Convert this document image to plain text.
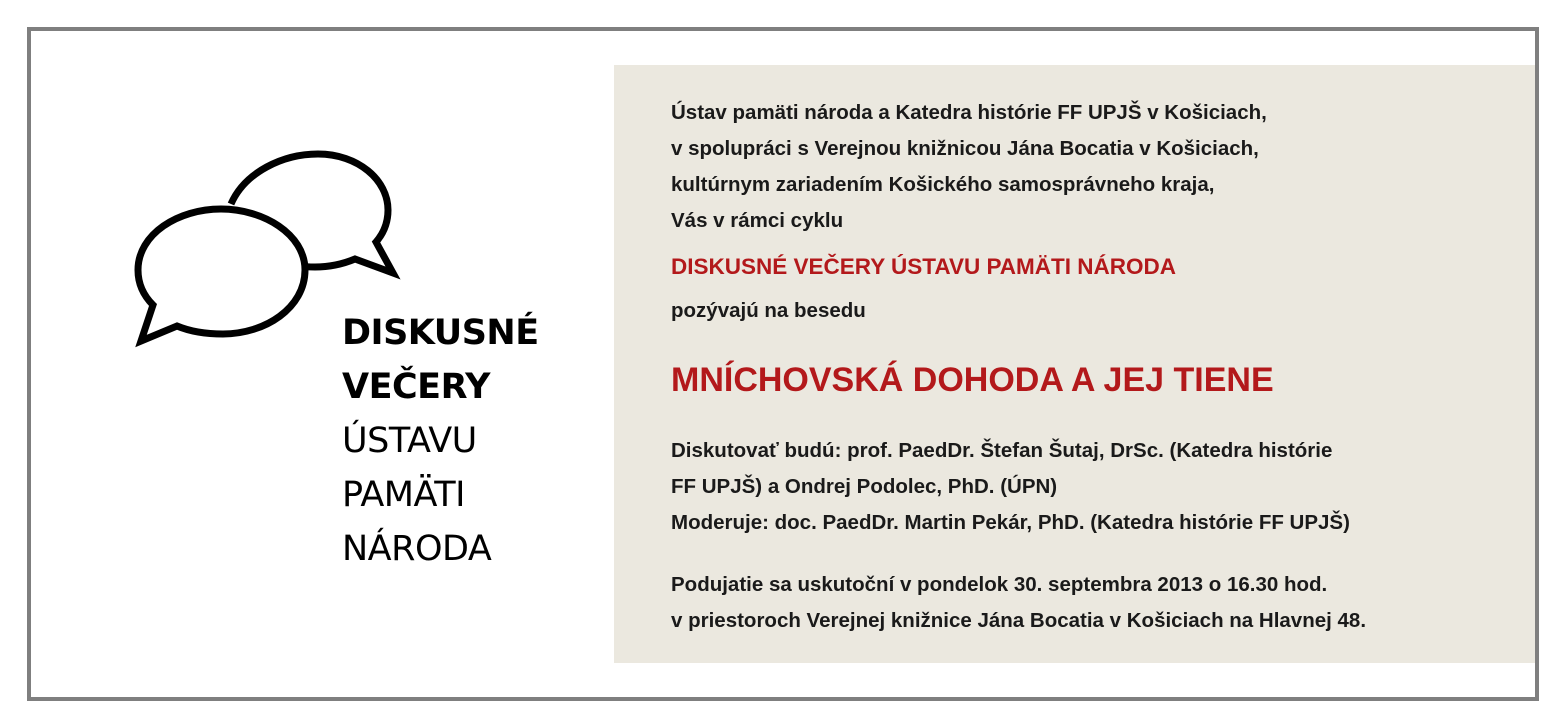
DISKUSNÉ
VEČERY
ÚSTAVU
PAMÄTI
NÁRODA
Ústav pamäti národa a Katedra histórie FF UPJŠ v Košiciach,
v spolupráci s Verejnou knižnicou Jána Bocatia v Košiciach,
kultúrnym zariadením Košického samosprávneho kraja,
Vás v rámci cyklu
DISKUSNÉ VEČERY ÚSTAVU PAMÄTI NÁRODA
pozývajú na besedu
MNÍCHOVSKÁ DOHODA A JEJ TIENE
Diskutovať budú: prof. PaedDr. Štefan Šutaj, DrSc. (Katedra histórie
FF UPJŠ) a Ondrej Podolec, PhD. (ÚPN)
Moderuje: doc. PaedDr. Martin Pekár, PhD. (Katedra histórie FF UPJŠ)
Podujatie sa uskutoční v pondelok 30. septembra 2013 o 16.30 hod.
v priestoroch Verejnej knižnice Jána Bocatia v Košiciach na Hlavnej 48.
